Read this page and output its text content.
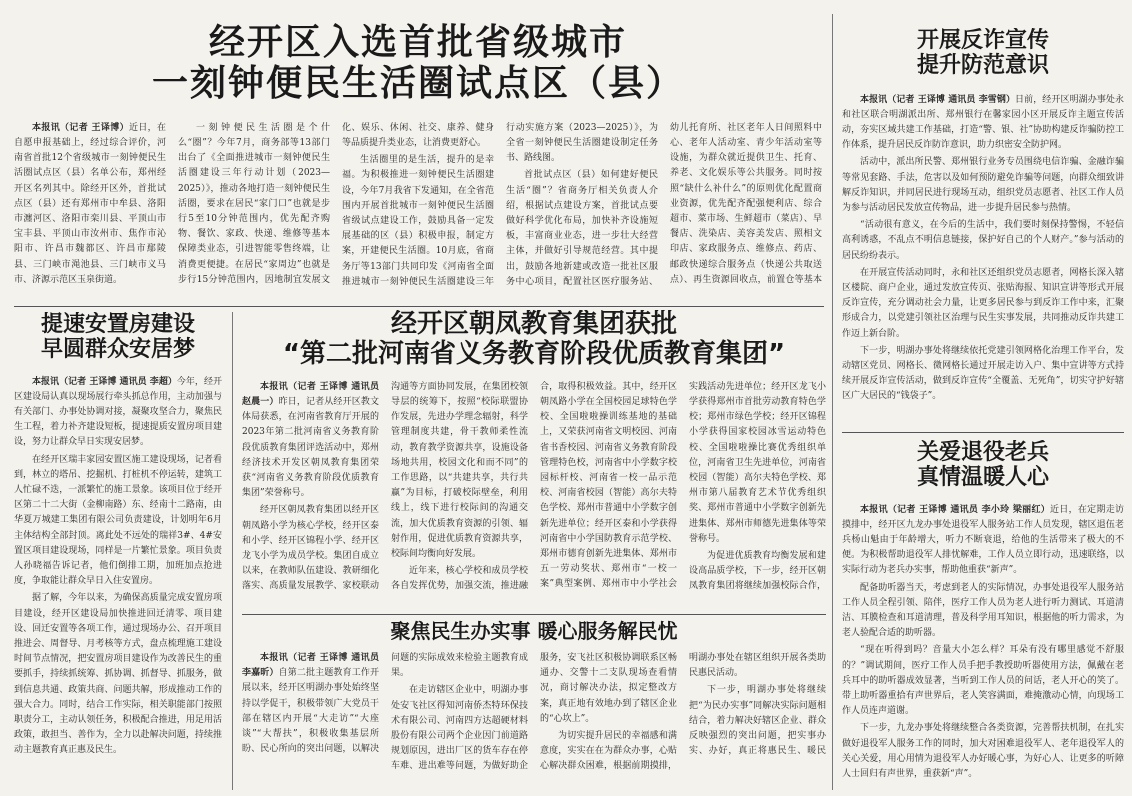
经开区入选首批省级城市
一刻钟便民生活圈试点区（县）

本报讯（记者 王译博）近日，在自愿申报基础上，经过综合评价，河南省首批12个省级城市一刻钟便民生活圈试点区（县）名单公布，郑州经开区名列其中。除经开区外，首批试点区（县）还有郑州市中牟县、洛阳市瀍河区、洛阳市栾川县、平顶山市宝丰县、平顶山市汝州市、焦作市沁阳市、许昌市魏都区、许昌市鄢陵县、三门峡市渑池县、三门峡市义马市、济源示范区玉泉街道。

一刻钟便民生活圈是个什么“圈”？今年7月，商务部等13部门出台了《全面推进城市一刻钟便民生活圈建设三年行动计划（2023—2025）》，推动各地打造一刻钟便民生活圈，要求在居民“家门口”也就是步行5至10分钟范围内，优先配齐购物、餐饮、家政、快递、维修等基本保障类业态，引进智能零售终端，让消费更便捷。在居民“家周边”也就是步行15分钟范围内，因地制宜发展文化、娱乐、休闲、社交、康养、健身等品质提升类业态，让消费更舒心。

生活圈里的是生活，提升的是幸福。为积极推进一刻钟便民生活圈建设，今年7月我省下发通知，在全省范围内开展首批城市一刻钟便民生活圈省级试点建设工作，鼓励具备一定发展基础的区（县）积极申报，制定方案，开建便民生活圈。10月底，省商务厅等13部门共同印发《河南省全面推进城市一刻钟便民生活圈建设三年行动实施方案（2023—2025）》，为全省一刻钟便民生活圈建设制定任务书、路线图。

首批试点区（县）如何建好便民生活“圈”？省商务厅相关负责人介绍，根据试点建设方案，首批试点要做好科学优化布局，加快补齐设施短板，丰富商业业态，进一步壮大经营主体，并做好引导规范经营。其中提出，鼓励各地新建或改造一批社区服务中心项目，配置社区医疗服务站、幼儿托育所、社区老年人日间照料中心、老年人活动室、青少年活动室等设施，为群众就近提供卫生、托育、养老、文化娱乐等公共服务。同时按照“缺什么补什么”的原则优化配置商业资源，优先配齐配强便利店、综合超市、菜市场、生鲜超市（菜店）、早餐店、洗染店、美容美发店、照相文印店、家政服务点、维修点、药店、邮政快递综合服务点（快递公共取送点）、再生资源回收点，前置仓等基本

开展反诈宣传
提升防范意识

本报讯（记者 王译博 通讯员 李雪钢）日前，经开区明湖办事处永和社区联合明湖派出所、郑州银行在馨家园小区开展反诈主题宣传活动，夯实区域共建工作基础，打造“警、银、社”协助构建反诈骗防控工作体系，提升居民反诈防诈意识，助力织密安全防护网。

活动中，派出所民警、郑州银行业务专员围绕电信诈骗、金融诈骗等常见套路、手法，危害以及如何预防避免诈骗等问题，向群众细致讲解反诈知识，并同居民进行现场互动，组织党员志愿者、社区工作人员为参与活动居民发放宣传物品，进一步提升居民参与热情。

“活动很有意义，在今后的生活中，我们要时刻保持警惕，不轻信高利诱惑，不乱点不明信息链接，保护好自己的个人财产。”参与活动的居民纷纷表示。

在开展宣传活动同时，永和社区还组织党员志愿者，网格长深入辖区楼院、商户企业，通过发放宣传页、张贴海报、知识宣讲等形式开展反诈宣传，充分调动社会力量，让更多居民参与到反诈工作中来，汇聚形成合力，以党建引领社区治理与民生实事发展，共同推动反诈共建工作迈上新台阶。

下一步，明湖办事处将继续依托党建引领网格化治理工作平台，发动辖区党员、网格长、微网格长通过开展走访入户、集中宣讲等方式持续开展反诈宣传活动，做到反诈宣传“全覆盖、无死角”，切实守护好辖区广大居民的“钱袋子”。

关爱退役老兵
真情温暖人心

本报讯（记者 王译博 通讯员 李小玲 梁丽红）近日，在定期走访摸排中，经开区九龙办事处退役军人服务站工作人员发现，辖区退伍老兵杨山魁由于年龄增大，听力不断衰退，给他的生活带来了极大的不便。为积极帮助退役军人排忧解难，工作人员立即行动，迅速联络，以实际行动为老兵办实事，帮助他重获“新声”。

配备助听器当天，考虑到老人的实际情况，办事处退役军人服务站工作人员全程引领、陪伴，医疗工作人员为老人进行听力测试、耳道清洁、耳膜检查和耳道清理，普及科学用耳知识，根据他的听力需求，为老人验配合适的助听器。

“现在听得到吗？音量大小怎么样？耳朵有没有哪里感觉不舒服的？”调试期间，医疗工作人员手把手教授助听器使用方法，佩戴在老兵耳中的助听器成效显著，当听到工作人员的问话，老人开心的笑了。带上助听器重拾有声世界后，老人笑容满面，难掩激动心情，向现场工作人员连声道谢。

下一步，九龙办事处将继续整合各类资源，完善帮扶机制，在扎实做好退役军人服务工作的同时，加大对困难退役军人、老年退役军人的关心关爱，用心用情为退役军人办好暖心事，为好心人、让更多的听障人士回归有声世界，重获新“声”。

提速安置房建设
早圆群众安居梦

本报讯（记者 王译博 通讯员 李超）今年，经开区建设局认真以现场展行牵头抓总作用，主动加强与有关部门、办事处协调对接，凝聚攻坚合力，聚焦民生工程，着力补齐建设短板，提速提质安置房项目建设，努力让群众早日实现安居梦。

在经开区瑞丰家园安置区施工建设现场，记者看到，林立的塔吊、挖掘机、打桩机不停运转，建筑工人忙碌不迭，一派繁忙的施工景象。该项目位于经开区第二十二大街（金柳南路）东、经南十二路南，由华夏万城建工集团有限公司负责建设，计划明年6月主体结构全部封顶。离此处不远处的瑞祥3#、4#安置区项目建设现场，同样是一片繁忙景象。项目负责人孙晓福告诉记者，他们倒排工期，加班加点抢进度，争取能让群众早日入住安置房。

据了解，今年以来，为确保高质量完成安置房项目建设，经开区建设局加快推进回迁清零、项目建设、回迁安置等各项工作，通过现场办公、召开项目推进会、周督导、月考核等方式，盘点梳理施工建设时间节点情况，把安置房项目建设作为改善民生的重要抓手，持续抓统筹、抓协调、抓督导、抓服务，做到信息共通、政策共商、问题共解，形成推动工作的强大合力。同时，结合工作实际，相关职能部门按照职责分工，主动认领任务，积极配合推进，用足用活政策，敢担当、善作为，全力以赴解决问题，持续推动主题教育真正惠及民生。

经开区朝凤教育集团获批
“第二批河南省义务教育阶段优质教育集团”

本报讯（记者 王译博 通讯员 赵晨一）昨日，记者从经开区教文体局获悉，在河南省教育厅开展的2023年第二批河南省义务教育阶段优质教育集团评选活动中，郑州经济技术开发区朝凤教育集团荣获“河南省义务教育阶段优质教育集团”荣誉称号。

经开区朝凤教育集团以经开区朝凤路小学为核心学校，经开区泰和小学、经开区锦程小学、经开区龙飞小学为成员学校。集团自成立以来，在教师队伍建设、教研细化落实、高质量发展教学、家校联动沟通等方面协同发展，在集团校领导层的统筹下，按照“校际联盟协作发展，先进办学理念辐射，科学管理制度共建，骨干教师柔性流动，教育教学资源共享，设施设备场地共用，校园文化和而不同”的工作思路，以“共建共享，共行共赢”为目标，打破校际壁垒，利用线上，线下进行校际间的沟通交流，加大优质教育资源的引领、辐射作用，促进优质教育资源共享，校际间均衡向好发展。

近年来，核心学校和成员学校各自发挥优势，加强交流，推进融合，取得积极效益。其中，经开区朝凤路小学在全国校园足球特色学校、全国啦啦操训练基地的基础上，又荣获河南省文明校园、河南省书香校园、河南省义务教育阶段管理特色校，河南省中小学数字校园标杆校、河南省一校一品示范校、河南省校园（智能）高尔夫特色学校、郑州市普通中小学数字创新先进单位；经开区泰和小学获得河南省中小学国防教育示范学校、郑州市德育创新先进集体、郑州市五一劳动奖状、郑州市“一校一案”典型案例、郑州市中小学社会实践活动先进单位；经开区龙飞小学获得郑州市首批劳动教育特色学校；郑州市绿色学校；经开区锦程小学获得国家校园冰雪运动特色校、全国啦啦操比赛优秀组织单位，河南省卫生先进单位，河南省校园（智能）高尔夫特色学校、郑州市第八届教育艺术节优秀组织奖、郑州市普通中小学数字创新先进集体、郑州市师德先进集体等荣誉称号。

为促进优质教育均衡发展和建设高品质学校，下一步，经开区朝凤教育集团将继续加强校际合作，

聚焦民生办实事 暖心服务解民忧

本报讯（记者 王译博 通讯员 李嘉昕）自第二批主题教育工作开展以来，经开区明湖办事处始终坚持以学促干，积极带领广大党员干部在辖区内开展“大走访”“大座谈”“大帮扶”，积极收集基层所盼、民心所向的突出问题，以解决问题的实际成效来检验主题教育成果。

在走访辖区企业中，明湖办事处安飞社区得知河南侨杰特环保技术有限公司、河南四方达超硬材料股份有限公司两个企业因门前道路规划原因，进出厂区的货车存在停车难、进出难等问题，为做好助企服务，安飞社区积极协调联系区畅通办、交警十二支队现场查看情况，商讨解决办法，拟定整改方案，真正地有效地办到了辖区企业的“心坎上”。

为切实提升居民的幸福感和满意度，实实在在为群众办事，心贴心解决群众困难，根据前期摸排，明湖办事处在辖区组织开展各类助民惠民活动。

下一步，明湖办事处将继续把“为民办实事”同解决实际问题相结合，着力解决好辖区企业、群众反映强烈的突出问题，把实事办实、办好，真正将惠民生、暖民
